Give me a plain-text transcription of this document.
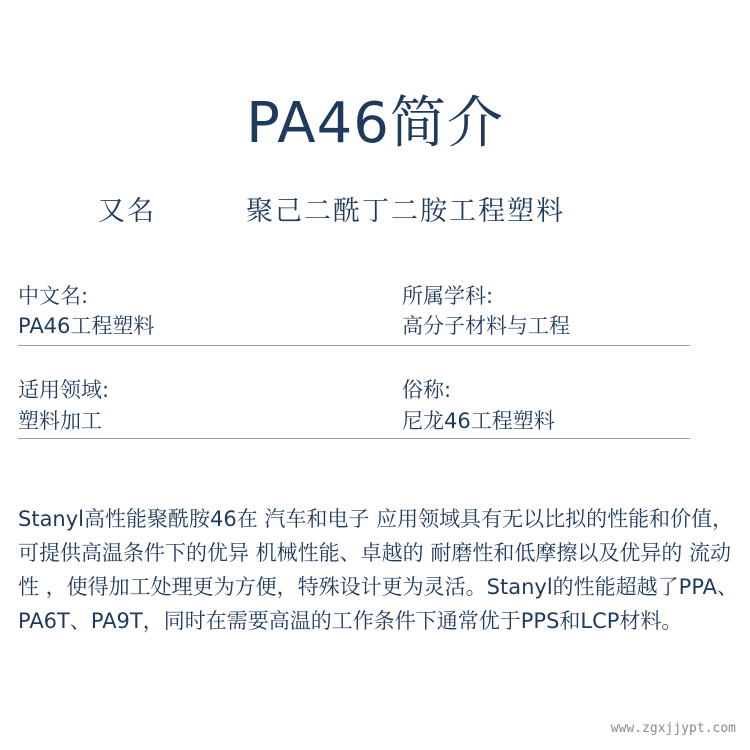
PA46简介
又名	聚己二酰丁二胺工程塑料
中文名:
PA46工程塑料
所属学科:
高分子材料与工程
适用领域:
塑料加工
俗称:
尼龙46工程塑料

Stanyl高性能聚酰胺46在 汽车和电子 应用领域具有无以比拟的性能和价值，可提供高温条件下的优异 机械性能、卓越的 耐磨性和低摩擦以及优异的 流动性 ，使得加工处理更为方便，特殊设计更为灵活。Stanyl的性能超越了PPA、PA6T、PA9T，同时在需要高温的工作条件下通常优于PPS和LCP材料。

www.zgxjjypt.com
